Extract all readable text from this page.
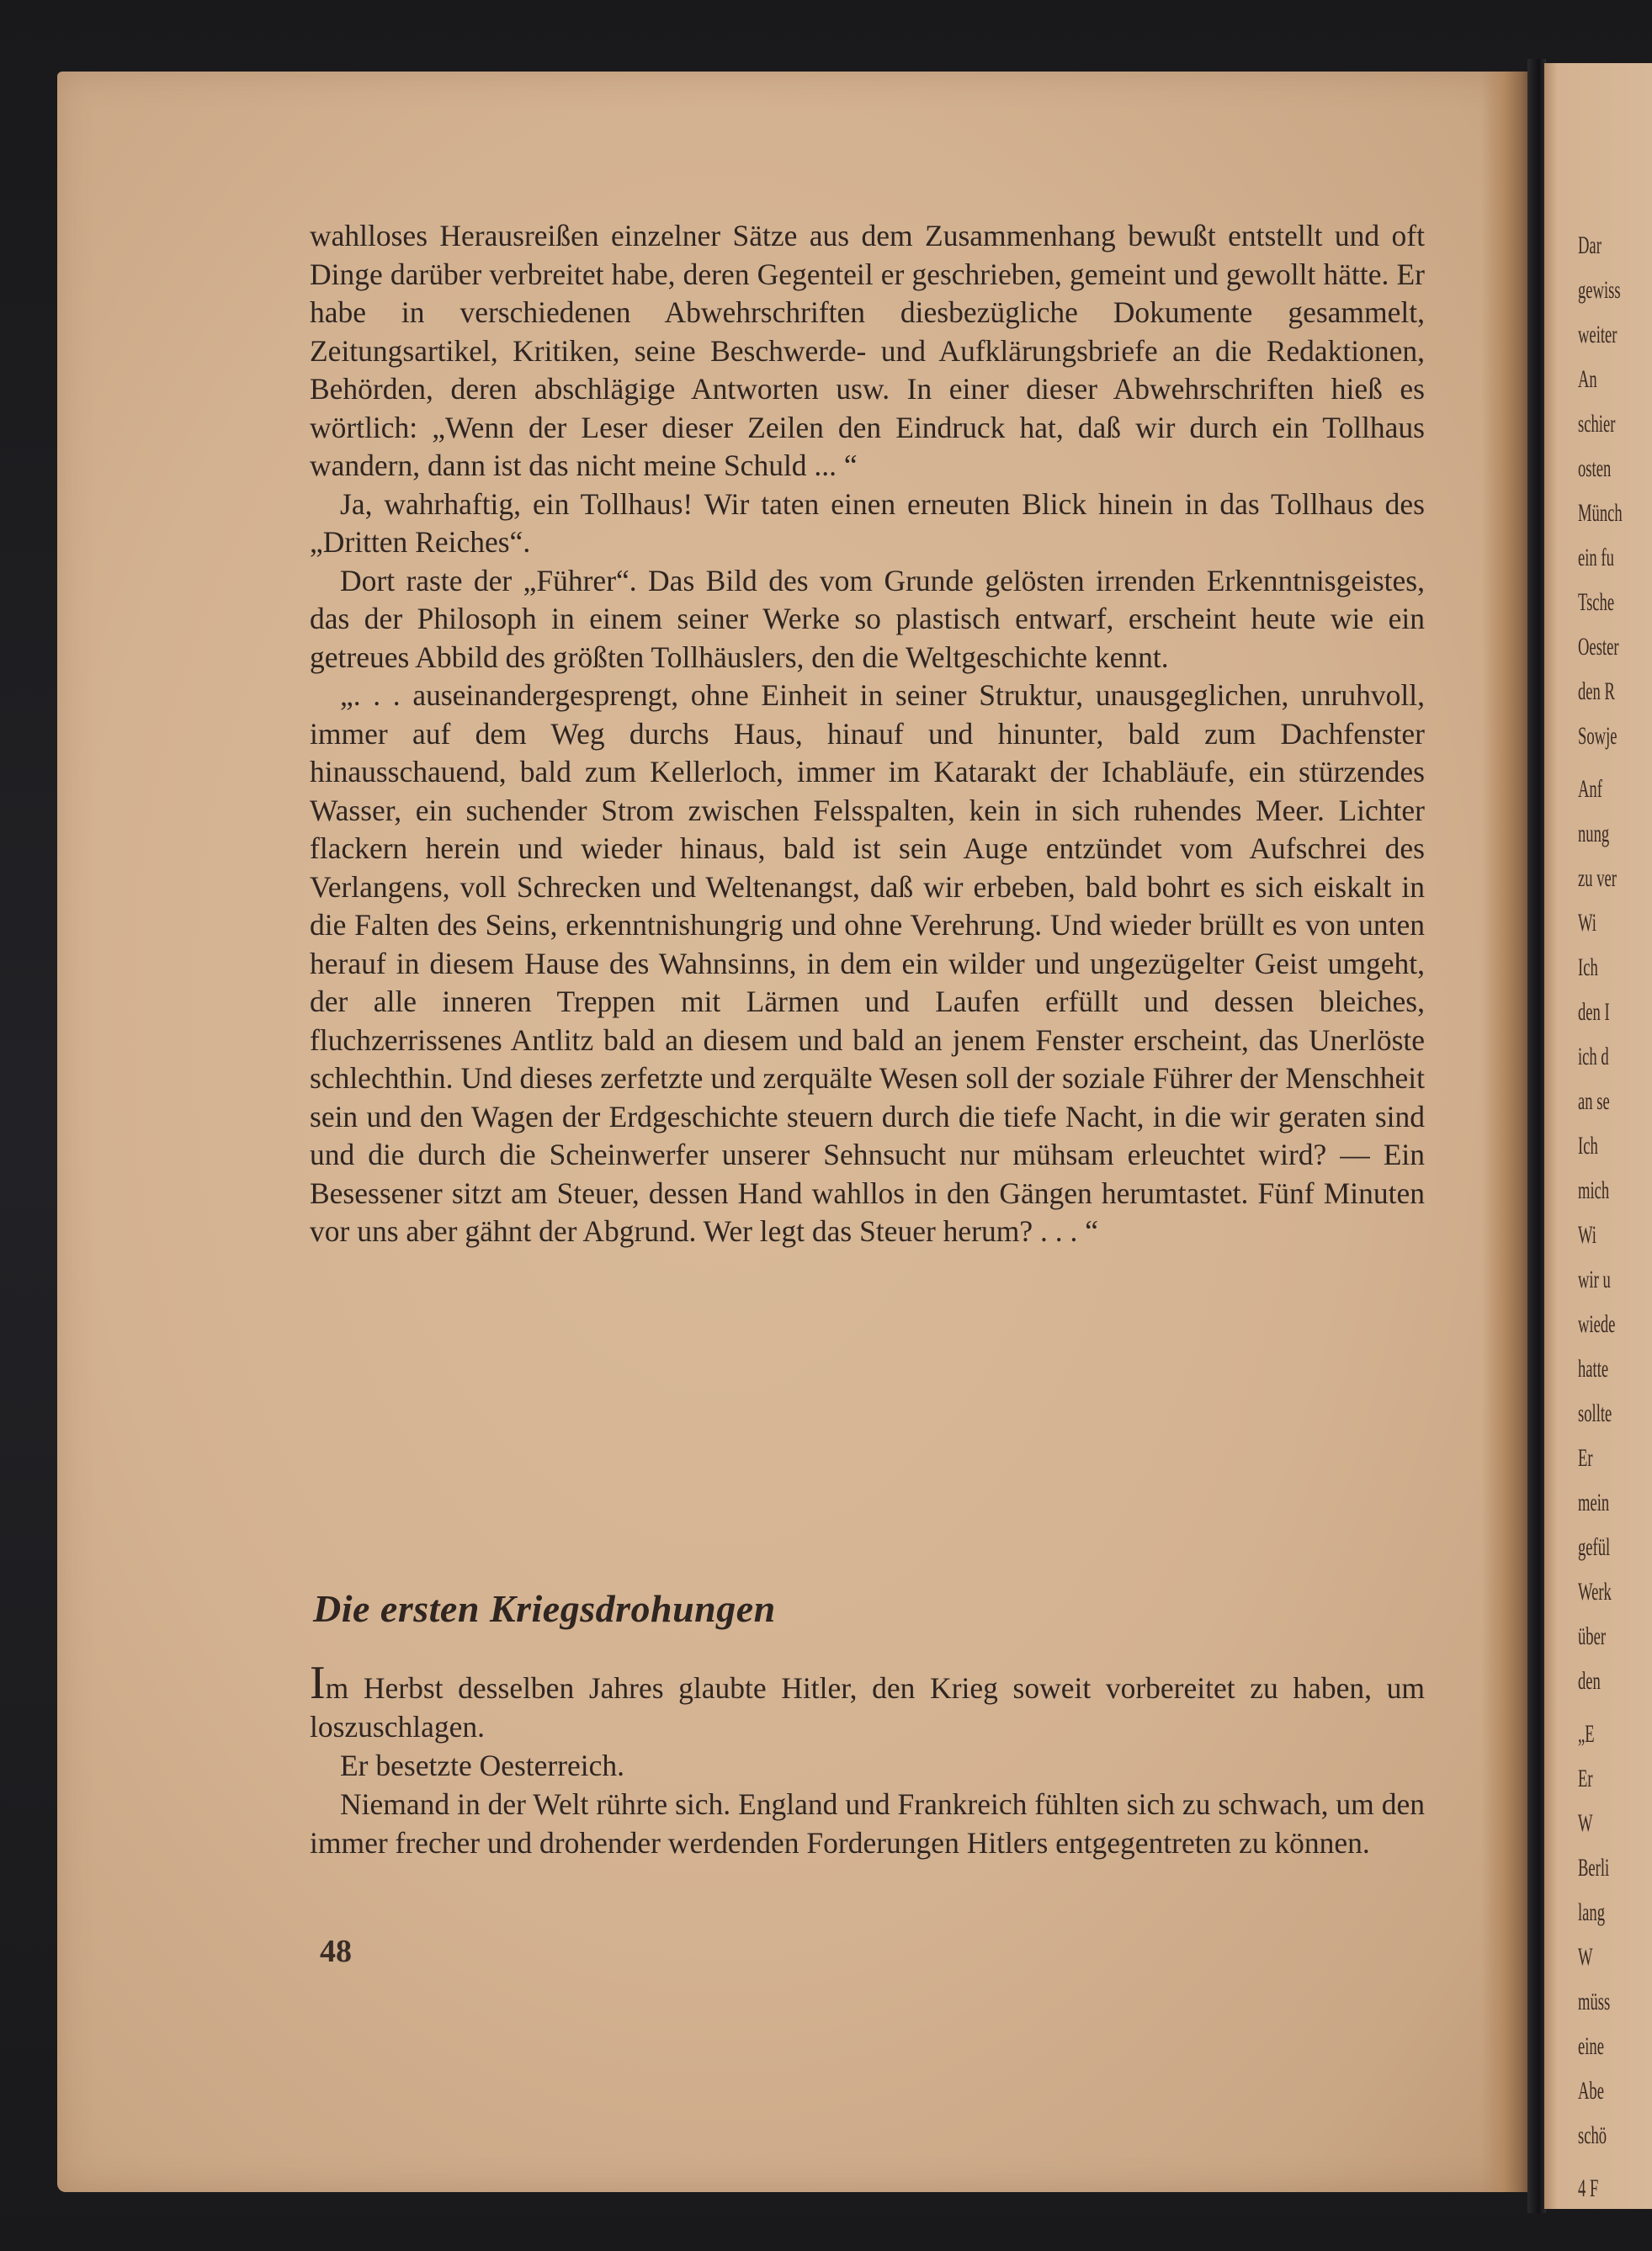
Dar

gewiss

weiter

An

schier

osten

Münch

ein fu

Tsche

Oester

den R

Sowje

Anf

nung

zu ver

Wi

Ich

den I

ich d

an se

Ich

mich

Wi

wir u

wiede

hatte

sollte

Er

mein

gefül

Werk

über

den

„E

Er

W

Berli

lang

W

müss

eine

Abe

schö

4 F

wahlloses Herausreißen einzelner Sätze aus dem Zusammenhang bewußt entstellt und oft Dinge darüber verbreitet habe, deren Gegenteil er geschrieben, gemeint und gewollt hätte. Er habe in verschiedenen Abwehrschriften diesbezügliche Dokumente gesammelt, Zeitungsartikel, Kritiken, seine Beschwerde- und Aufklärungsbriefe an die Redaktionen, Behörden, deren abschlägige Antworten usw. In einer dieser Abwehrschriften hieß es wörtlich: „Wenn der Leser dieser Zeilen den Eindruck hat, daß wir durch ein Tollhaus wandern, dann ist das nicht meine Schuld ... “

Ja, wahrhaftig, ein Tollhaus! Wir taten einen erneuten Blick hinein in das Tollhaus des „Dritten Reiches“.

Dort raste der „Führer“. Das Bild des vom Grunde gelösten irrenden Erkenntnisgeistes, das der Philosoph in einem seiner Werke so plastisch entwarf, erscheint heute wie ein getreues Abbild des größten Tollhäuslers, den die Weltgeschichte kennt.

„. . . auseinandergesprengt, ohne Einheit in seiner Struktur, unausgeglichen, unruhvoll, immer auf dem Weg durchs Haus, hinauf und hinunter, bald zum Dachfenster hinausschauend, bald zum Kellerloch, immer im Katarakt der Ichabläufe, ein stürzendes Wasser, ein suchender Strom zwischen Felsspalten, kein in sich ruhendes Meer. Lichter flackern herein und wieder hinaus, bald ist sein Auge entzündet vom Aufschrei des Verlangens, voll Schrecken und Weltenangst, daß wir erbeben, bald bohrt es sich eiskalt in die Falten des Seins, erkenntnishungrig und ohne Verehrung. Und wieder brüllt es von unten herauf in diesem Hause des Wahnsinns, in dem ein wilder und ungezügelter Geist umgeht, der alle inneren Treppen mit Lärmen und Laufen erfüllt und dessen bleiches, fluchzerrissenes Antlitz bald an diesem und bald an jenem Fenster erscheint, das Unerlöste schlechthin. Und dieses zerfetzte und zerquälte Wesen soll der soziale Führer der Menschheit sein und den Wagen der Erdgeschichte steuern durch die tiefe Nacht, in die wir geraten sind und die durch die Scheinwerfer unserer Sehnsucht nur mühsam erleuchtet wird? — Ein Besessener sitzt am Steuer, dessen Hand wahllos in den Gängen herumtastet. Fünf Minuten vor uns aber gähnt der Abgrund. Wer legt das Steuer herum? . . . “

Die ersten Kriegsdrohungen

Im Herbst desselben Jahres glaubte Hitler, den Krieg soweit vorbereitet zu haben, um loszuschlagen.

Er besetzte Oesterreich.

Niemand in der Welt rührte sich. England und Frankreich fühlten sich zu schwach, um den immer frecher und drohender werdenden Forderungen Hitlers entgegentreten zu können.

48
